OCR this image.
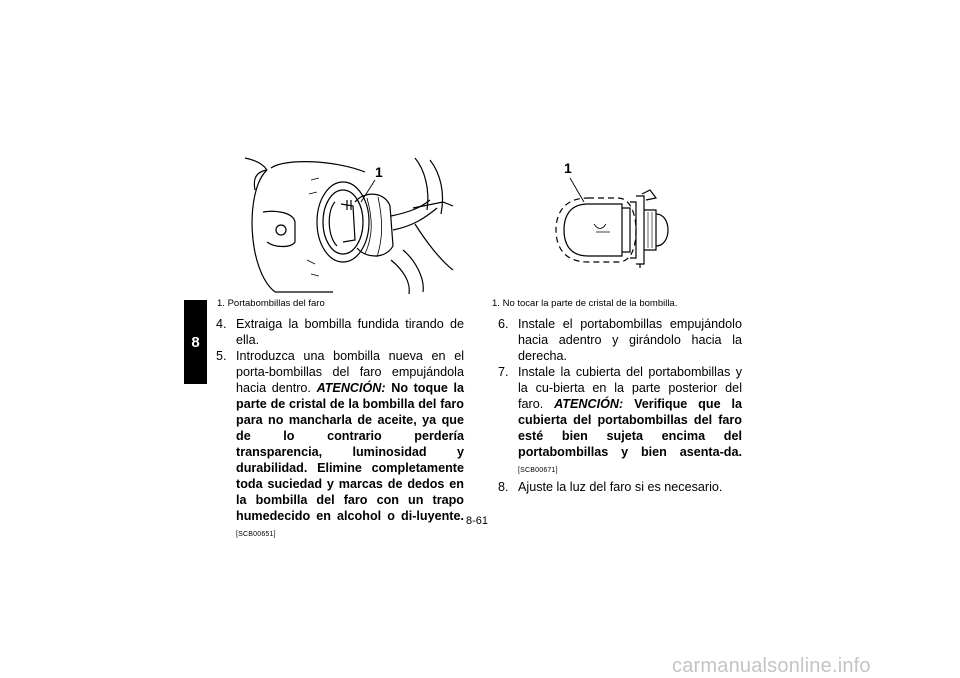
8
1
1. Portabombillas del faro
1
1. No tocar la parte de cristal de la bombilla.
4. Extraiga la bombilla fundida tirando de ella.
5. Introduzca una bombilla nueva en el porta-bombillas del faro empujándola hacia dentro. ATENCIÓN: No toque la parte de cristal de la bombilla del faro para no mancharla de aceite, ya que de lo contrario perdería transparencia, luminosidad y durabilidad. Elimine completamente toda suciedad y marcas de dedos en la bombilla del faro con un trapo humedecido en alcohol o di-luyente. [SCB00651]
6. Instale el portabombillas empujándolo hacia adentro y girándolo hacia la derecha.
7. Instale la cubierta del portabombillas y la cu-bierta en la parte posterior del faro. ATENCIÓN: Verifique que la cubierta del portabombillas del faro esté bien sujeta encima del portabombillas y bien asenta-da. [SCB00671]
8. Ajuste la luz del faro si es necesario.
8-61
carmanualsonline.info
